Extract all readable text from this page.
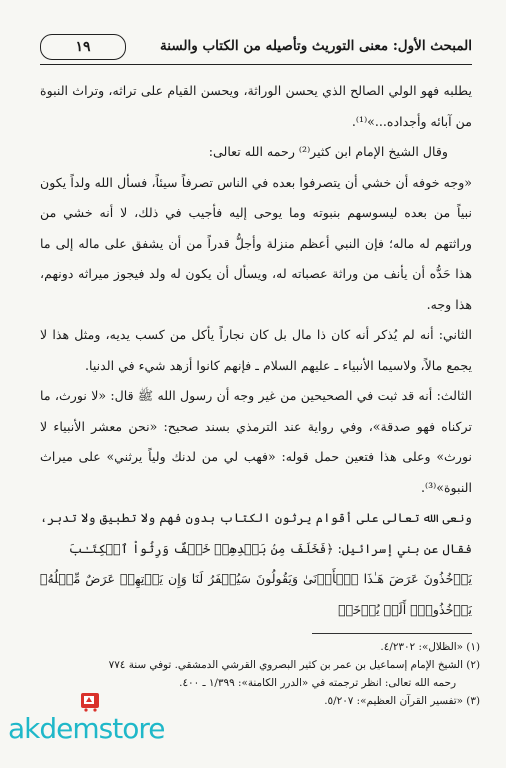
المبحث الأول: معنى التوريث وتأصيله من الكتاب والسنة
١٩

يطلبه فهو الولي الصالح الذي يحسن الوراثة، ويحسن القيام على تراثه، وتراث النبوة من آبائه وأجداده...»⁽¹⁾.

وقال الشيخ الإمام ابن كثير⁽²⁾ رحمه الله تعالى:

«وجه خوفه أن خشي أن يتصرفوا بعده في الناس تصرفاً سيئاً، فسأل الله ولداً يكون نبياً من بعده ليسوسهم بنبوته وما يوحى إليه فأجيب في ذلك، لا أنه خشي من وراثتهم له ماله؛ فإن النبي أعظم منزلة وأجلُّ قدراً من أن يشفق على ماله إلى ما هذا حَدُّه أن يأنف من وراثة عصباته له، ويسأل أن يكون له ولد فيجوز ميراثه دونهم، هذا وجه.

الثاني: أنه لم يُذكر أنه كان ذا مال بل كان نجاراً يأكل من كسب يديه، ومثل هذا لا يجمع مالاً، ولاسيما الأنبياء ـ عليهم السلام ـ فإنهم كانوا أزهد شيء في الدنيا.

الثالث: أنه قد ثبت في الصحيحين من غير وجه أن رسول الله ﷺ قال: «لا نورث، ما تركناه فهو صدقة»، وفي رواية عند الترمذي بسند صحيح: «نحن معشر الأنبياء لا نورث» وعلى هذا فتعين حمل قوله: «فهب لي من لدنك ولياً يرثني» على ميراث النبوة»⁽³⁾.

ونعى الله تعالى على أقوام يرثون الكتاب بدون فهم ولا تطبيق ولا تدبر، فقال عن بني إسرائيل: ﴿فَخَلَفَ مِنۢ بَعۡدِهِمۡ خَلۡفٌ وَرِثُواْ ٱلۡكِتَـٰبَ

يَأۡخُذُونَ عَرَضَ هَـٰذَا ٱلۡأَدۡنَىٰ وَيَقُولُونَ سَيُغۡفَرُ لَنَا وَإِن يَأۡتِهِمۡ عَرَضٌ مِّثۡلُهُۥ يَأۡخُذُوهُۚ أَلَمۡ يُؤۡخَذۡ

(١) «الظلال»: ٤/٢٣٠٢.

(٢) الشيخ الإمام إسماعيل بن عمر بن كثير البصروي القرشي الدمشقي. توفي سنة ٧٧٤

رحمه الله تعالى: انظر ترجمته في «الدرر الكامنة»: ١/٣٩٩ ـ ٤٠٠.

(٣) «تفسير القرآن العظيم»: ٥/٢٠٧.

akdemstore
